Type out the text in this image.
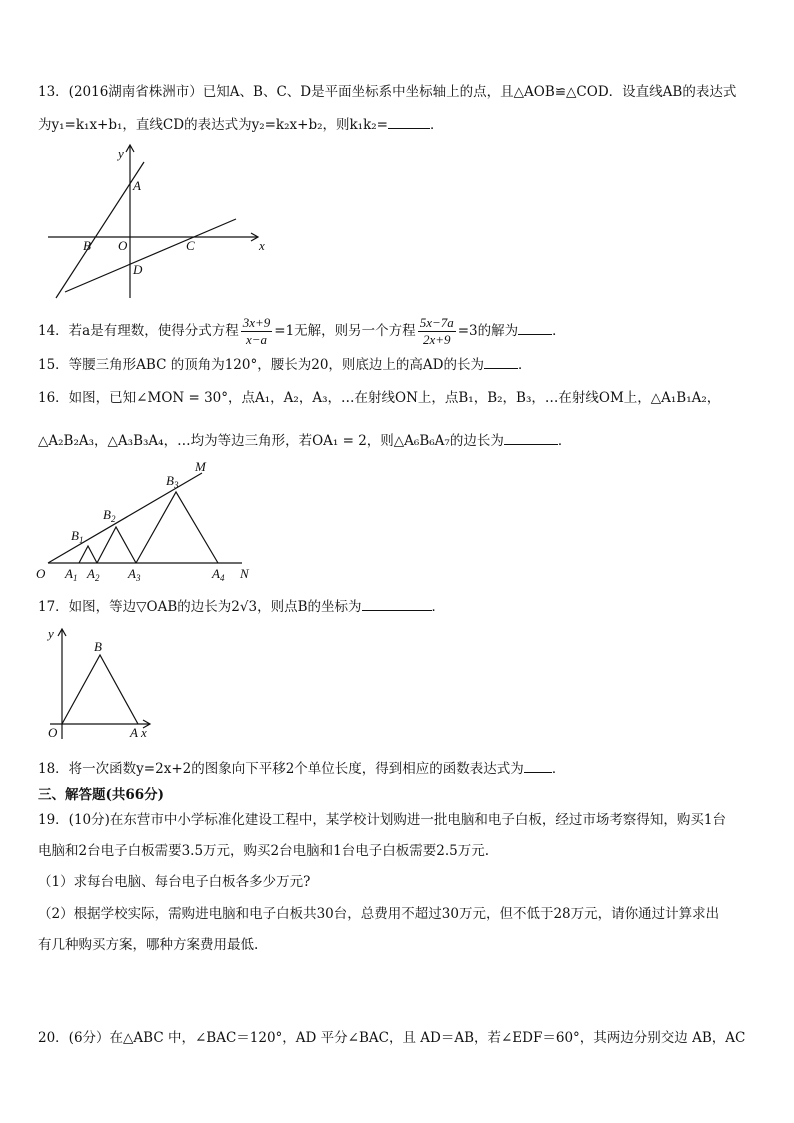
13．(2016湖南省株洲市）已知A、B、C、D是平面坐标系中坐标轴上的点，且△AOB≌△COD．设直线AB的表达式
为y₁=k₁x+b₁，直线CD的表达式为y₂=k₂x+b₂，则k₁k₂=	．
y
A
B O	C	x
D
14．若a是有理数，使得分式方程 $\frac{3x+9}{x-a} =1$无解，则另一个方程 $\frac{5x-7a}{2x+9} =3$的解为	．
15．等腰三角形ABC 的顶角为120°，腰长为20，则底边上的高AD的长为	．
16．如图，已知∠MON = 30°，点A₁，A₂，A₃，…在射线ON上，点B₁，B₂，B₃，…在射线OM上，△A₁B₁A₂，
△A₂B₂A₃，△A₃B₃A₄，…均为等边三角形，若OA₁ = 2，则△A₆B₆A₇的边长为	．
O $A_1$ $A_2$ $A_3$	$A_4$ N
$B_1$
$B_2$
$B_3$
M
17．如图，等边▽OAB的边长为2√3，则点B的坐标为	．
y
B
O	A x
18．将一次函数y=2x+2的图象向下平移2个单位长度，得到相应的函数表达式为 ．
三、解答题(共66分)
19．(10分)在东营市中小学标准化建设工程中，某学校计划购进一批电脑和电子白板，经过市场考察得知，购买1台
电脑和2台电子白板需要3.5万元，购买2台电脑和1台电子白板需要2.5万元.
（1）求每台电脑、每台电子白板各多少万元?
（2）根据学校实际，需购进电脑和电子白板共30台，总费用不超过30万元，但不低于28万元，请你通过计算求出
有几种购买方案，哪种方案费用最低.
20．(6分）在△ABC 中，∠BAC＝120°，AD 平分∠BAC，且 AD＝AB，若∠EDF＝60°，其两边分别交边 AB，AC
